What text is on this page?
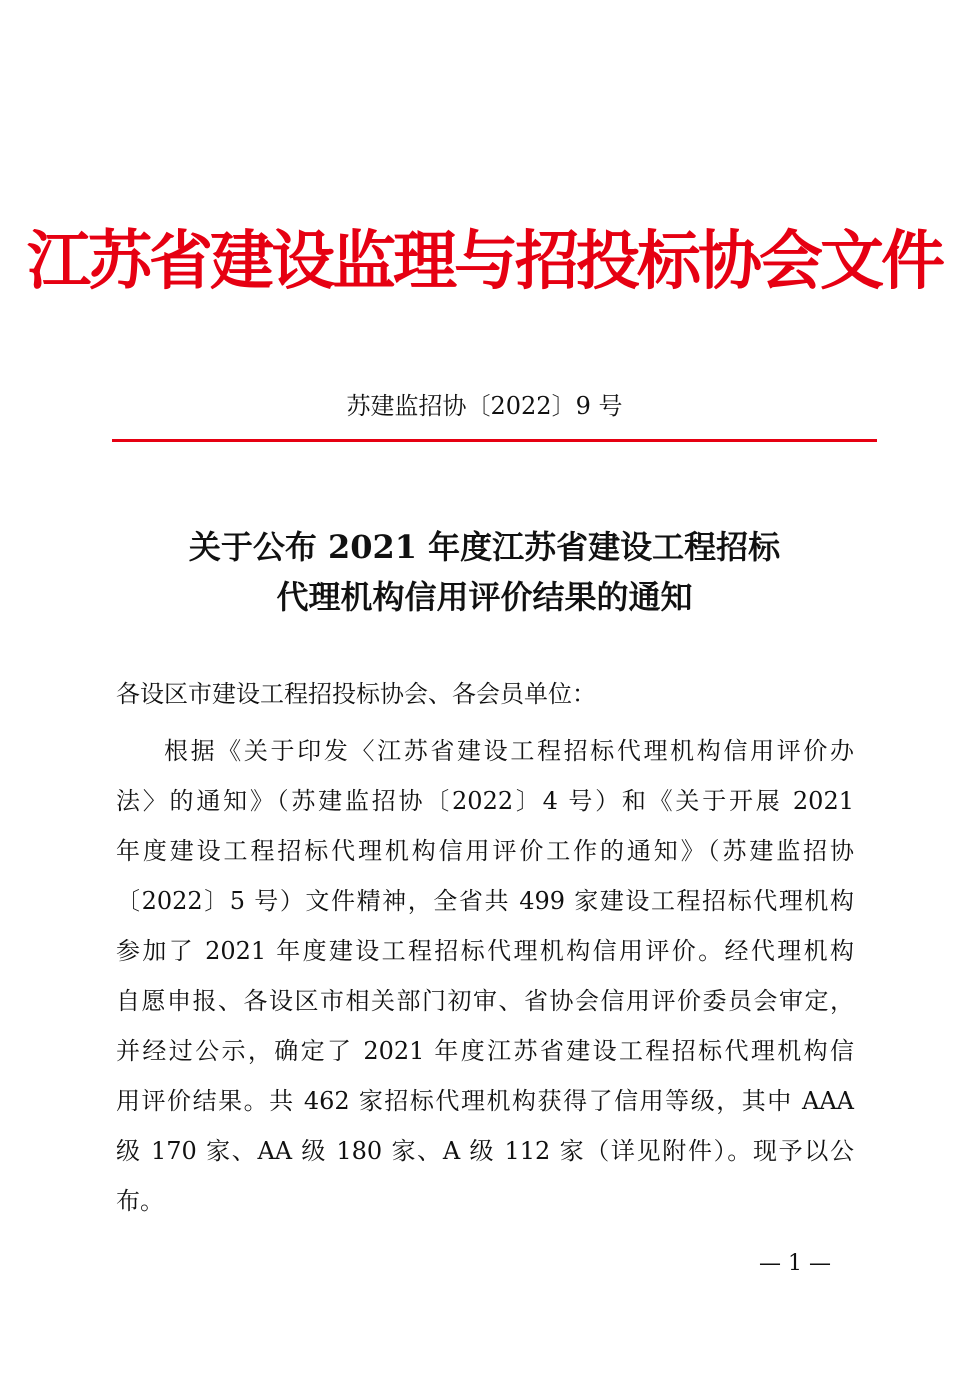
江苏省建设监理与招投标协会文件
苏建监招协〔2022〕9 号
关于公布 2021 年度江苏省建设工程招标
代理机构信用评价结果的通知
各设区市建设工程招投标协会、各会员单位：
根据《关于印发〈江苏省建设工程招标代理机构信用评价办
法〉的通知》（苏建监招协〔2022〕4 号）和《关于开展 2021
年度建设工程招标代理机构信用评价工作的通知》（苏建监招协
〔2022〕5 号）文件精神，全省共 499 家建设工程招标代理机构
参加了 2021 年度建设工程招标代理机构信用评价。经代理机构
自愿申报、各设区市相关部门初审、省协会信用评价委员会审定，
并经过公示，确定了 2021 年度江苏省建设工程招标代理机构信
用评价结果。共 462 家招标代理机构获得了信用等级，其中 AAA
级 170 家、AA 级 180 家、A 级 112 家（详见附件）。现予以公
布。
— 1 —
